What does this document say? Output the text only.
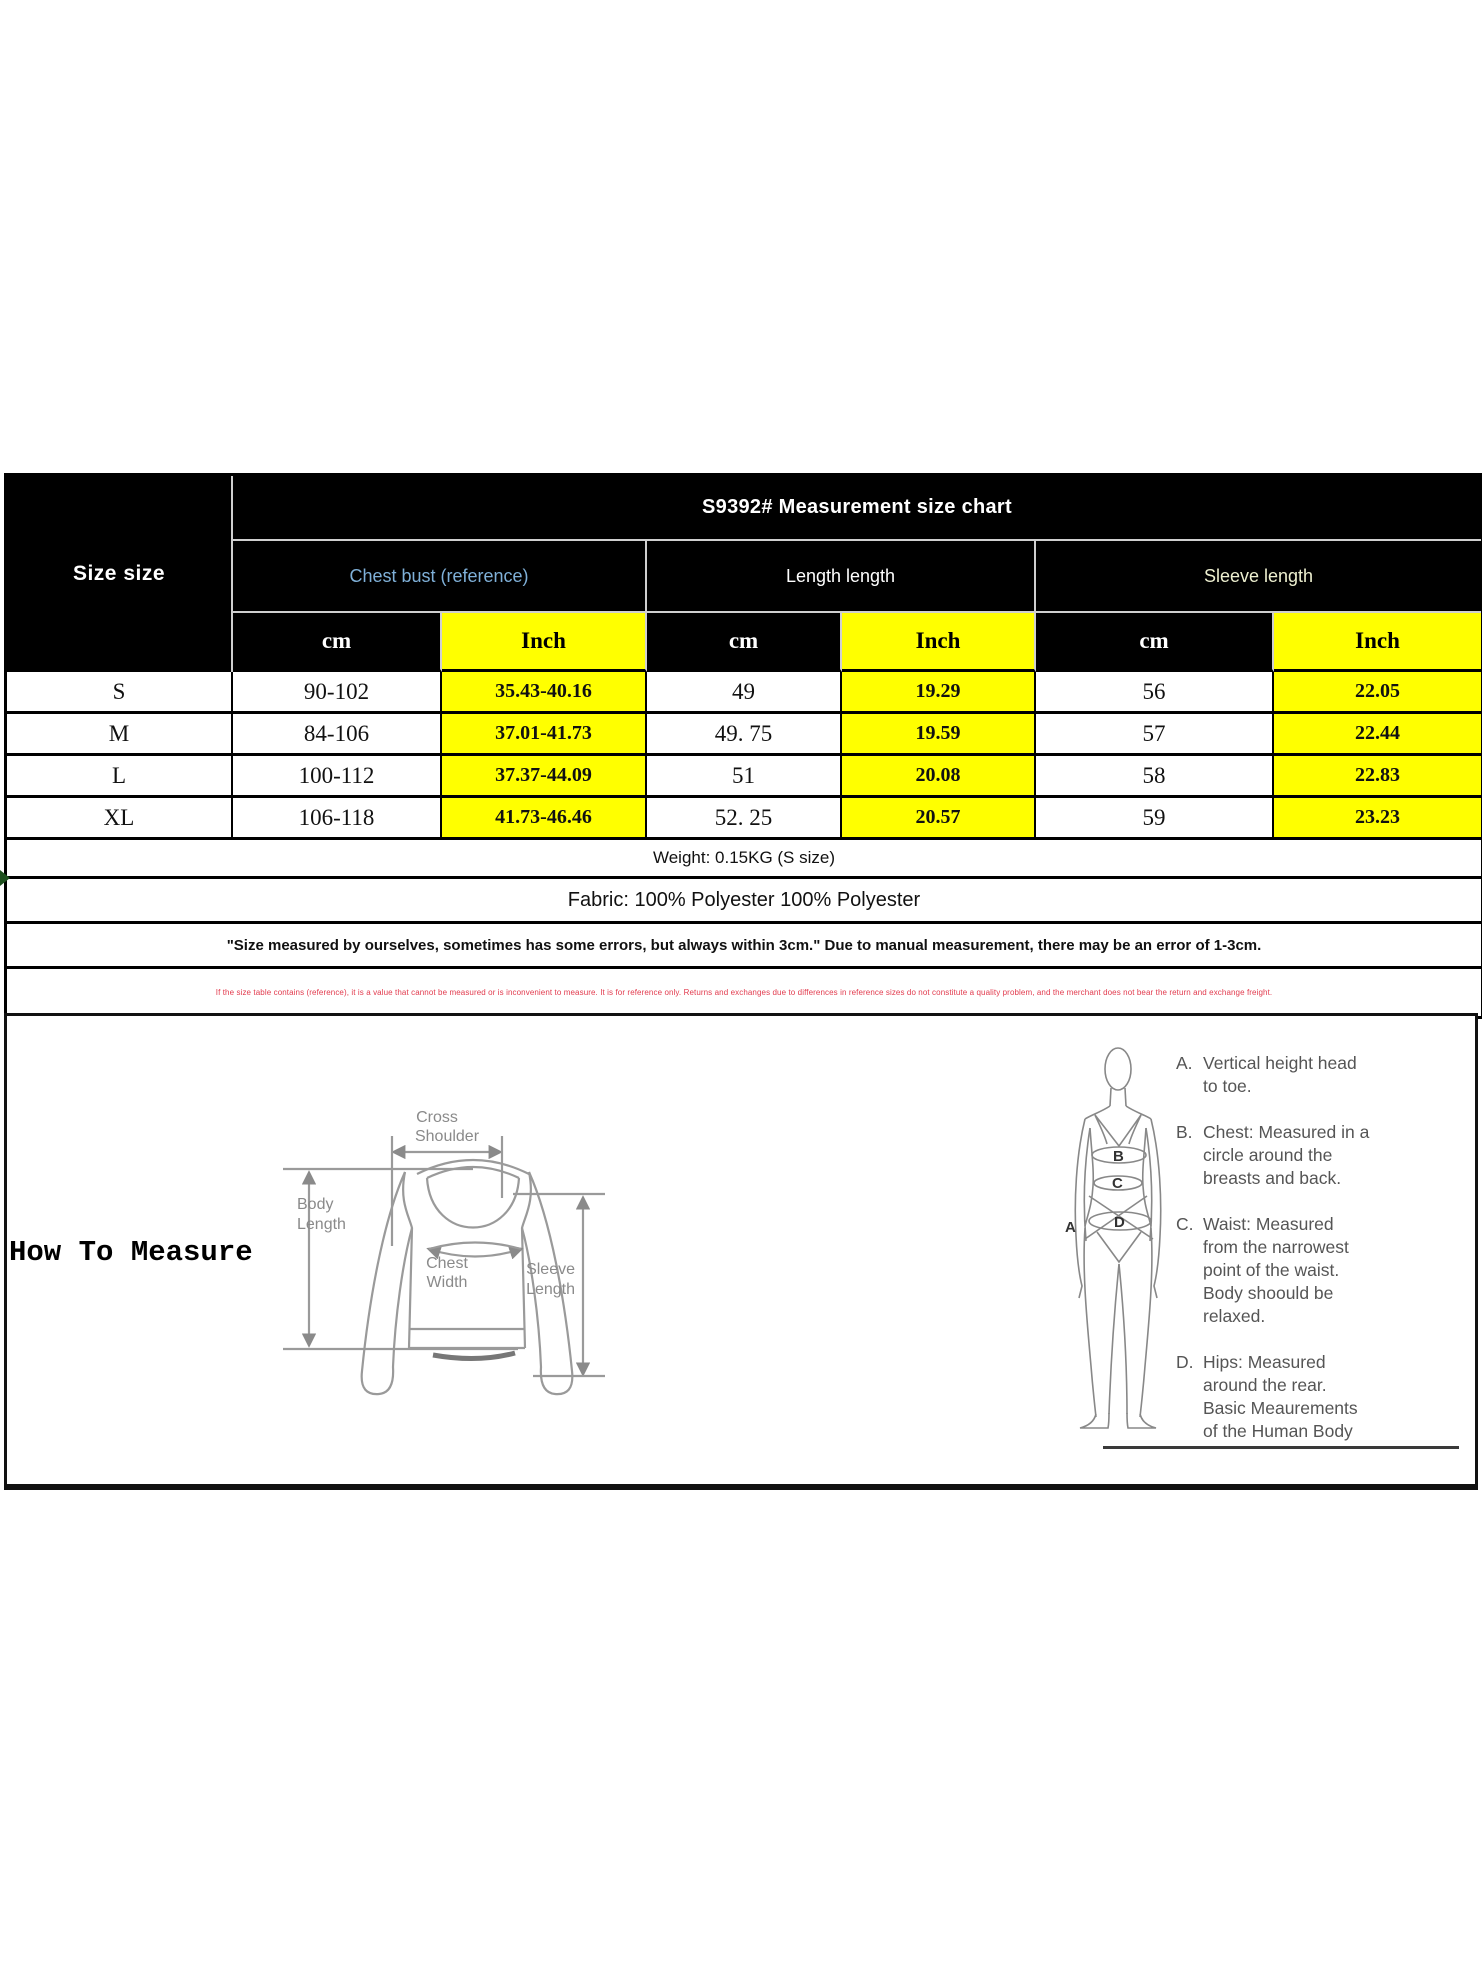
Size size
S9392# Measurement size chart
Chest bust (reference)	Length length	Sleeve length
cm	Inch	cm	Inch	cm	Inch
S	90-102	35.43-40.16	49	19.29	56	22.05
M	84-106	37.01-41.73	49. 75	19.59	57	22.44
L	100-112	37.37-44.09	51	20.08	58	22.83
XL	106-118	41.73-46.46	52. 25	20.57	59	23.23
Weight: 0.15KG (S size)
Fabric: 100% Polyester 100% Polyester
"Size measured by ourselves, sometimes has some errors, but always within 3cm." Due to manual measurement, there may be an error of 1-3cm.
If the size table contains (reference), it is a value that cannot be measured or is inconvenient to measure. It is for reference only. Returns and exchanges due to differences in reference sizes do not constitute a quality problem, and the merchant does not bear the return and exchange freight.
How To Measure
Cross
Shoulder
Body
Length
Chest
Width
Sleeve
Length
A
B
C
D
A. Vertical height head
to toe.
B. Chest: Measured in a
circle around the
breasts and back.
C. Waist: Measured
from the narrowest
point of the waist.
Body shoould be
relaxed.
D. Hips: Measured
around the rear.
Basic Meaurements
of the Human Body
